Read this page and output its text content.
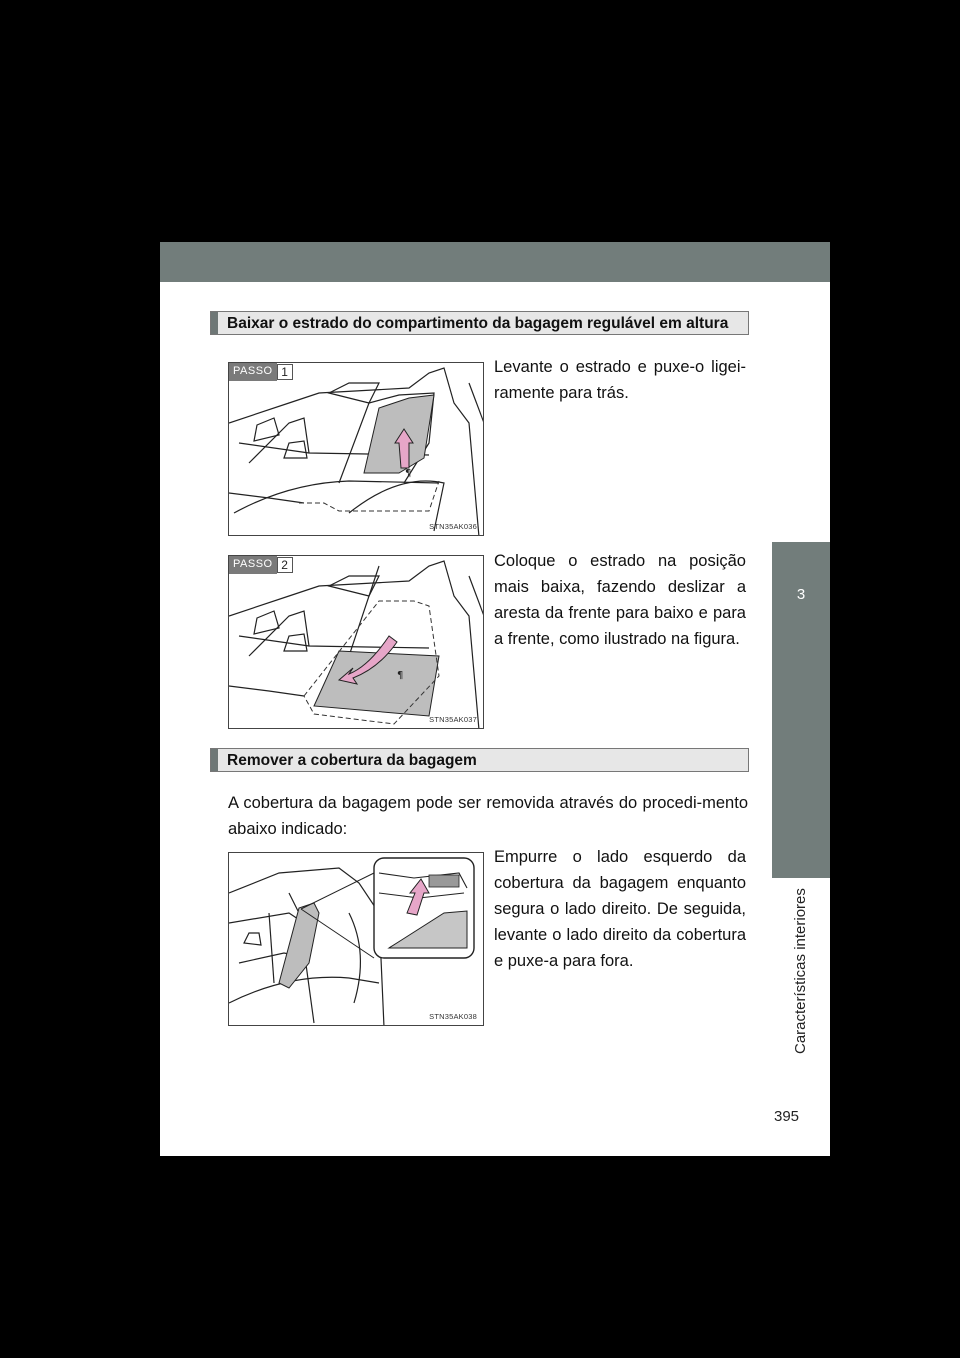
3
Características interiores
Baixar o estrado do compartimento da bagagem regulável em altura
¶
PASSO 1
STN35AK036
Levante o estrado e puxe-o ligei-ramente para trás.
¶
PASSO 2
STN35AK037
Coloque o estrado na posição mais baixa, fazendo deslizar a aresta da frente para baixo e para a frente, como ilustrado na figura.
Remover a cobertura da bagagem
A cobertura da bagagem pode ser removida através do procedi-mento abaixo indicado:
STN35AK038
Empurre o lado esquerdo da cobertura da bagagem enquanto segura o lado direito. De seguida, levante o lado direito da cobertura e puxe-a para fora.
395
